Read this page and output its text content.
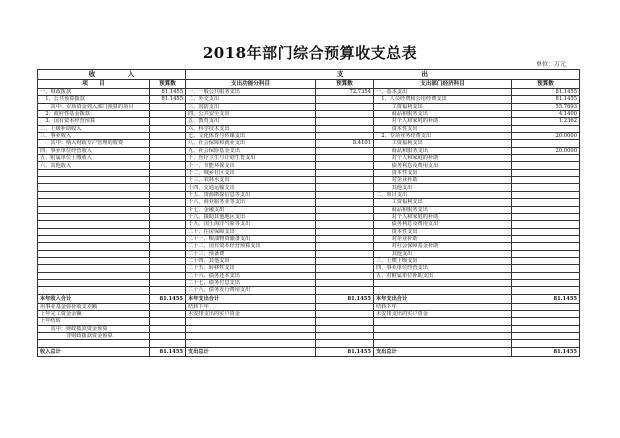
2018年部门综合预算收支总表
单位：万元
收　　　　　入		支　　　　　　　　　　　　出			
项　　目	预算数	支出功能分科目	预算数	支出部门经济科目	预算数
一、财政拨款	81.1455	一、一般公共服务支出	72.7354	一、基本支出	81.1455
　1、公共预算拨款	81.1455	二、外交支出		　1、人员经费和公用经费支出	81.1455
　　其中：专项资金列入部门预算的项目		三、国防支出		　　　工资福利支出	55.7693
　2、政府性基金拨款		四、公共安全支出		　　　商品和服务支出	4.1400
　3、国有资本经营预算		五、教育支出		　　　对个人和家庭的补助	1.2362
二、上级补助收入		六、科学技术支出		　　　资本性支出	
三、事业收入		七、文化体育与传媒支出		　2、专项业务经费支出	20.0000
　　其中：纳入财政专户管理的收费		八、社会保障和就业支出	8.4101	　　　工资福利支出	
四、事业单位经营收入		九、社会保险基金支出		　　　商品和服务支出	20.0000
五、附属单位上缴收入		十、医疗卫生与计划生育支出		　　　对个人和家庭的补助	
六、其他收入		十一、节能环保支出		　　　债务利息及费用支出	
		十二、城乡社区支出		　　　资本性支出	
		十三、农林水支出		　　　对企业补助	
		十四、交通运输支出		　　　其他支出	
		十五、资源勘探信息等支出		二、项目支出	
		十六、商业服务业等支出		　　　工资福利支出	
		十七、金融支出		　　　商品和服务支出	
		十八、援助其他地区支出		　　　对个人和家庭的补助	
		十九、国土海洋气象等支出		　　　债务利息及费用支出	
		二十、住房保障支出		　　　资本性支出	
		二十一、粮油物资储备支出		　　　对企业补助	
		二十二、国有资本经营预算支出		　　　对社会保障基金补助	
		二十三、预备费		　　　其他支出	
		二十四、其他支出		三、上缴上级支出	
		二十五、转移性支出		四、事业单位经营支出	
		二十六、债务还本支出		五、对附属单位补助支出	
		二十七、债务付息支出			
		二十八、债务发行费用支出			
本年收入合计	81.1455	本年支出合计	81.1455	本年支出合计	81.1455
用事业基金弥补收支差额		结转下年		结转下年	
上年完工资金余额		未安排支出的实户资金		未安排支出的实户资金	
上年结转					
　　其中：财政拨款资金预算					
　　　　　非财政拨款资金预算					

收入总计	81.1455	支出总计	81.1455	支出总计	81.1455
